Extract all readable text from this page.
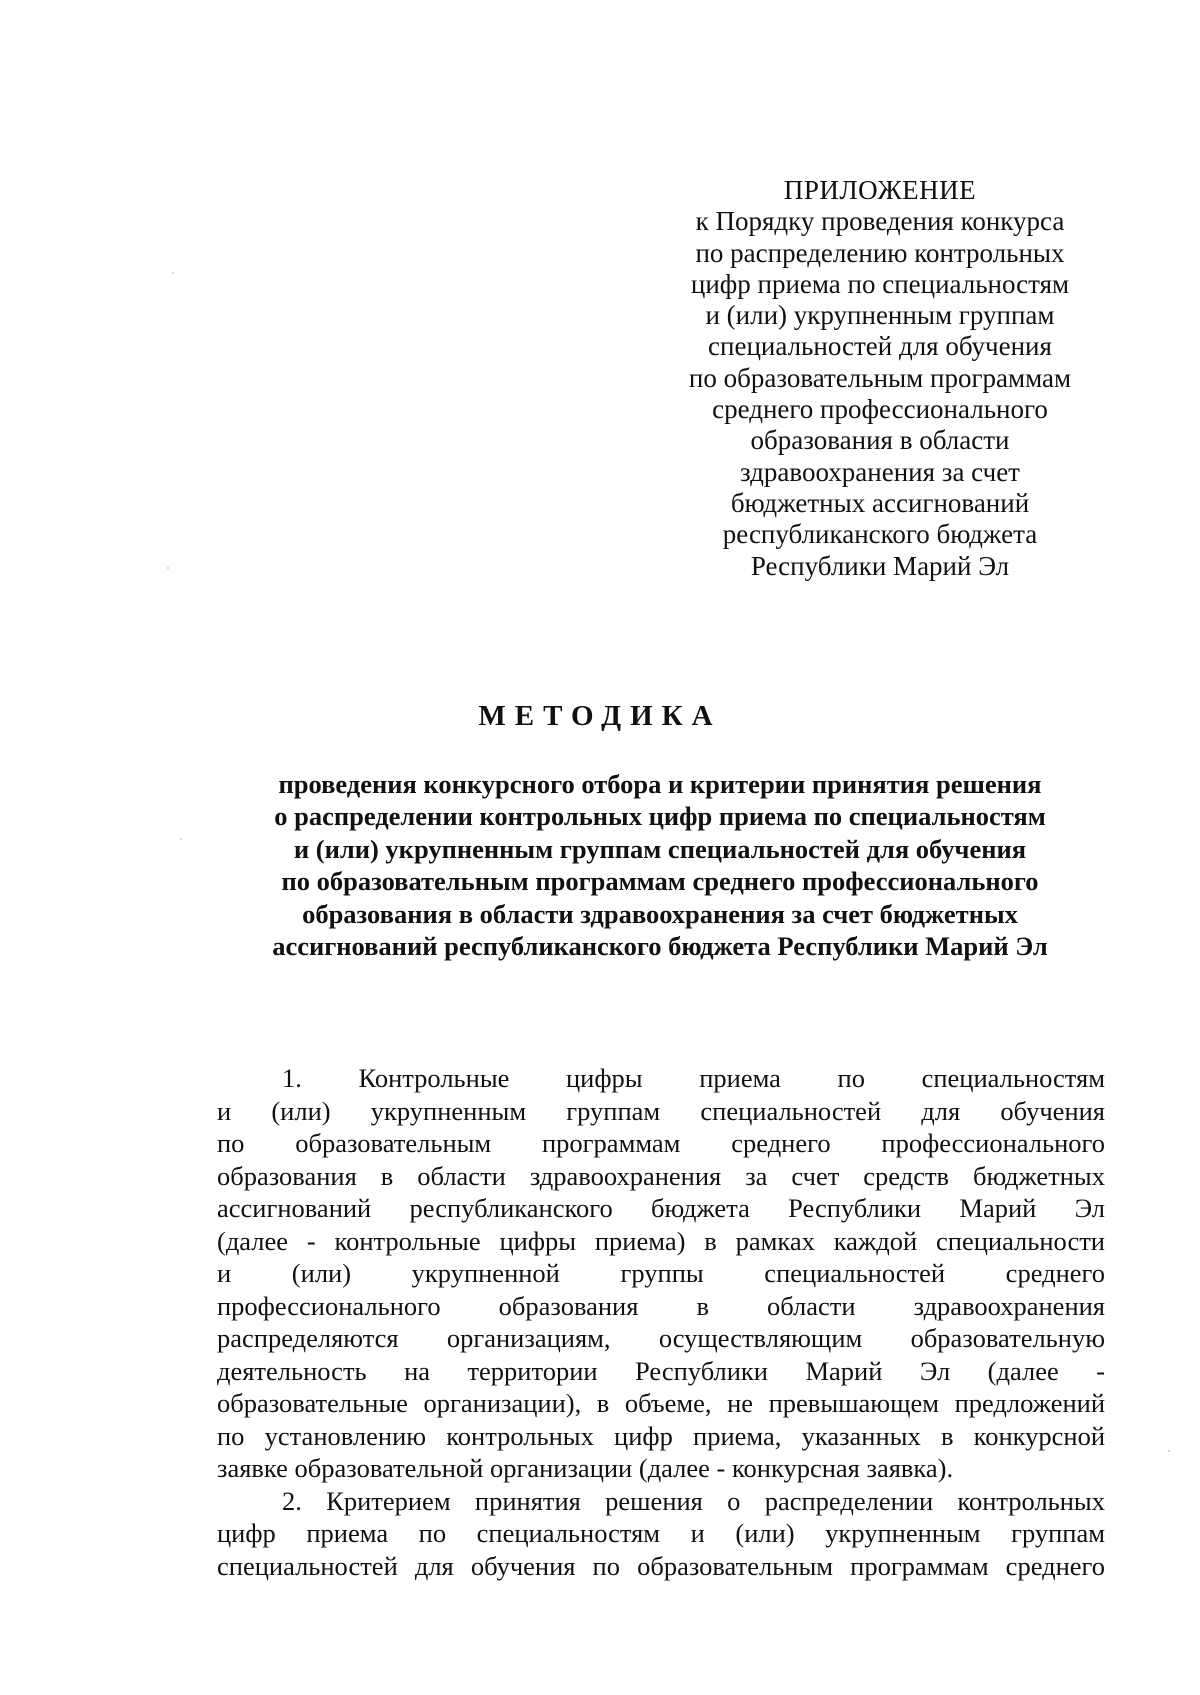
ПРИЛОЖЕНИЕ
к Порядку проведения конкурса
по распределению контрольных
цифр приема по специальностям
и (или) укрупненным группам
специальностей для обучения
по образовательным программам
среднего профессионального
образования в области
здравоохранения за счет
бюджетных ассигнований
республиканского бюджета
Республики Марий Эл
МЕТОДИКА
проведения конкурсного отбора и критерии принятия решения
о распределении контрольных цифр приема по специальностям
и (или) укрупненным группам специальностей для обучения
по образовательным программам среднего профессионального
образования в области здравоохранения за счет бюджетных
ассигнований республиканского бюджета Республики Марий Эл
1. Контрольные цифры приема по специальностям
и (или) укрупненным группам специальностей для обучения
по образовательным программам среднего профессионального
образования в области здравоохранения за счет средств бюджетных
ассигнований республиканского бюджета Республики Марий Эл
(далее - контрольные цифры приема) в рамках каждой специальности
и (или) укрупненной группы специальностей среднего
профессионального образования в области здравоохранения
распределяются организациям, осуществляющим образовательную
деятельность на территории Республики Марий Эл (далее -
образовательные организации), в объеме, не превышающем предложений
по установлению контрольных цифр приема, указанных в конкурсной
заявке образовательной организации (далее - конкурсная заявка).
2. Критерием принятия решения о распределении контрольных
цифр приема по специальностям и (или) укрупненным группам
специальностей для обучения по образовательным программам среднего
